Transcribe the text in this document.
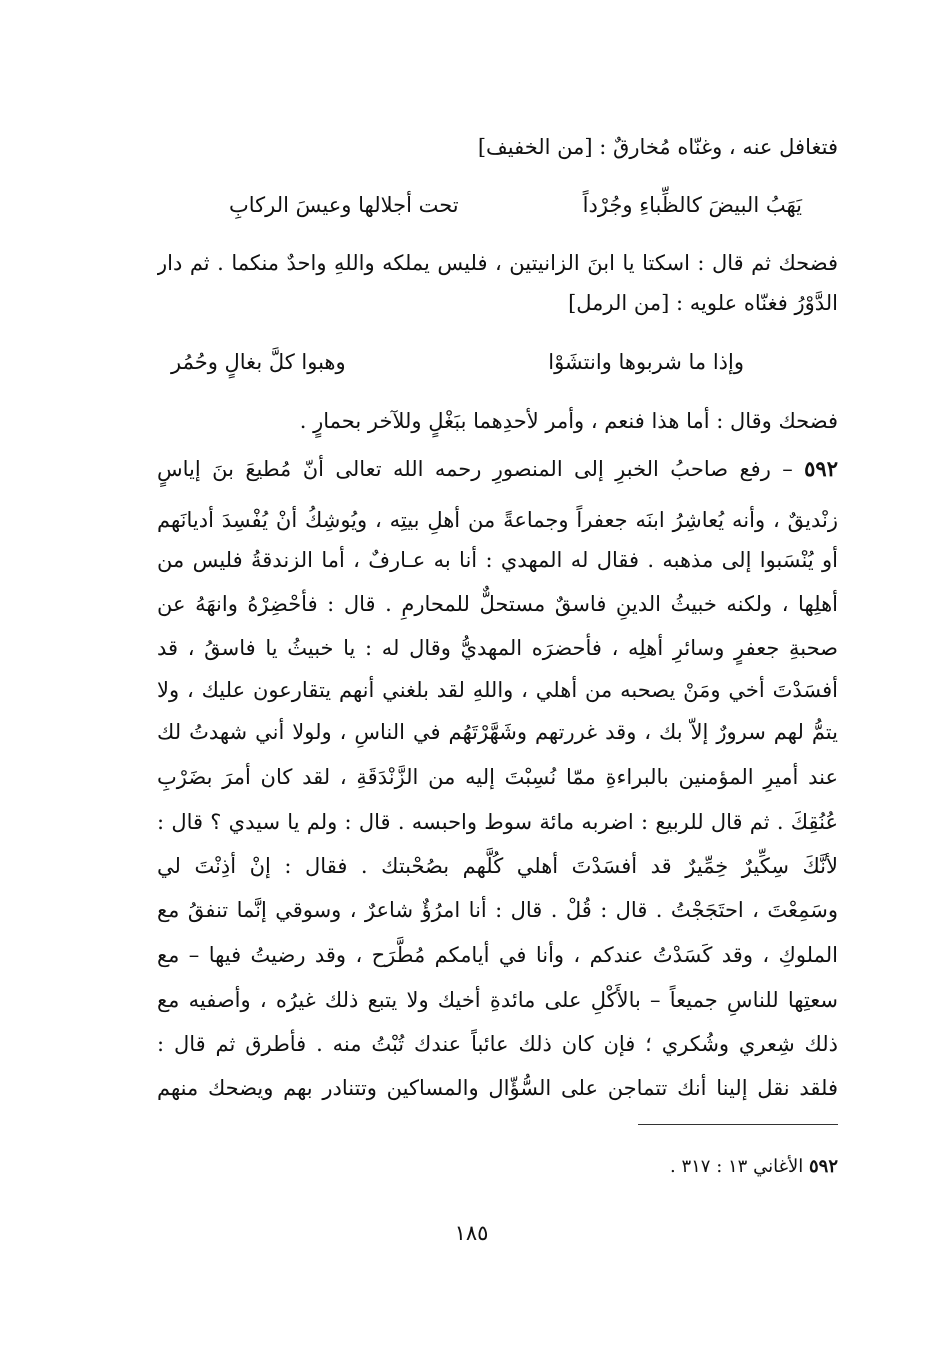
فتغافل عنه ، وغنّاه مُخارقٌ : [من الخفيف]
يَهَبُ البيضَ كالظِّباءِ وجُرْداً
تحت أجلالها وعيسَ الركابِ
فضحك ثم قال : اسكتا يا ابنَ الزانيتين ، فليس يملكه واللهِ واحدٌ منكما . ثم دار
الدَّوْرُ فغنّاه علويه : [من الرمل]
وإذا ما شربوها وانتشَوْا
وهبوا كلَّ بغالٍ وحُمُر
فضحك وقال : أما هذا فنعم ، وأمر لأحدِهما ببَغْلٍ وللآخر بحمارٍ .
٥٩٢ – رفع صاحبُ الخبرِ إلى المنصورِ رحمه الله تعالى أنّ مُطيعَ بنَ إياسٍ
زنْديقٌ ، وأنه يُعاشِرُ ابنَه جعفراً وجماعةً من أهلِ بيتِه ، ويُوشِكُ أنْ يُفْسِدَ أديانَهم
أو يُنْسَبوا إلى مذهبه . فقال له المهدي : أنا به عـارفٌ ، أما الزندقةُ فليس من
أهلِها ، ولكنه خبيثُ الدينِ فاسقٌ مستحلٌّ للمحارمِ . قال : فأحْضِرْهُ وانهَهُ عن
صحبةِ جعفرٍ وسائرِ أهلِه ، فأحضرَه المهديُّ وقال له : يا خبيثُ يا فاسقُ ، قد
أفسَدْتَ أخي ومَنْ يصحبه من أهلي ، واللهِ لقد بلغني أنهم يتقارعون عليك ، ولا
يتمُّ لهم سرورٌ إلاّ بك ، وقد غررتهم وشَهَّرْتَهُم في الناسِ ، ولولا أني شهدتُ لك
عند أميرِ المؤمنين بالبراءةِ ممّا نُسِبْتَ إليه من الزَّنْدَقَةِ ، لقد كان أمرَ بضَرْبِ
عُنُقِكَ . ثم قال للربيع : اضربه مائة سوط واحبسه . قال : ولم يا سيدي ؟ قال :
لأنَّكَ سِكِّيرٌ خِمِّيرٌ قد أفسَدْتَ أهلي كُلَّهم بصُحْبتك . فقال : إنْ أذِنْتَ لي
وسَمِعْتَ ، احتَجَجْتُ . قال : قُلْ . قال : أنا امرُؤٌ شاعرٌ ، وسوقي إنَّما تنفقُ مع
الملوكِ ، وقد كَسَدْتُ عندكم ، وأنا في أيامكم مُطَّرَح ، وقد رضيتُ فيها – مع
سعتِها للناسِ جميعاً – بالأَكْلِ على مائدةِ أخيك ولا يتبع ذلك غيرُه ، وأصفيه مع
ذلك شِعري وشُكري ؛ فإن كان ذلك عائباً عندك تُبْتُ منه . فأطرق ثم قال :
فلقد نقل إلينا أنك تتماجن على السُّؤّال والمساكين وتتنادر بهم ويضحك منهم
٥٩٢ الأغاني ١٣ : ٣١٧ .
١٨٥
